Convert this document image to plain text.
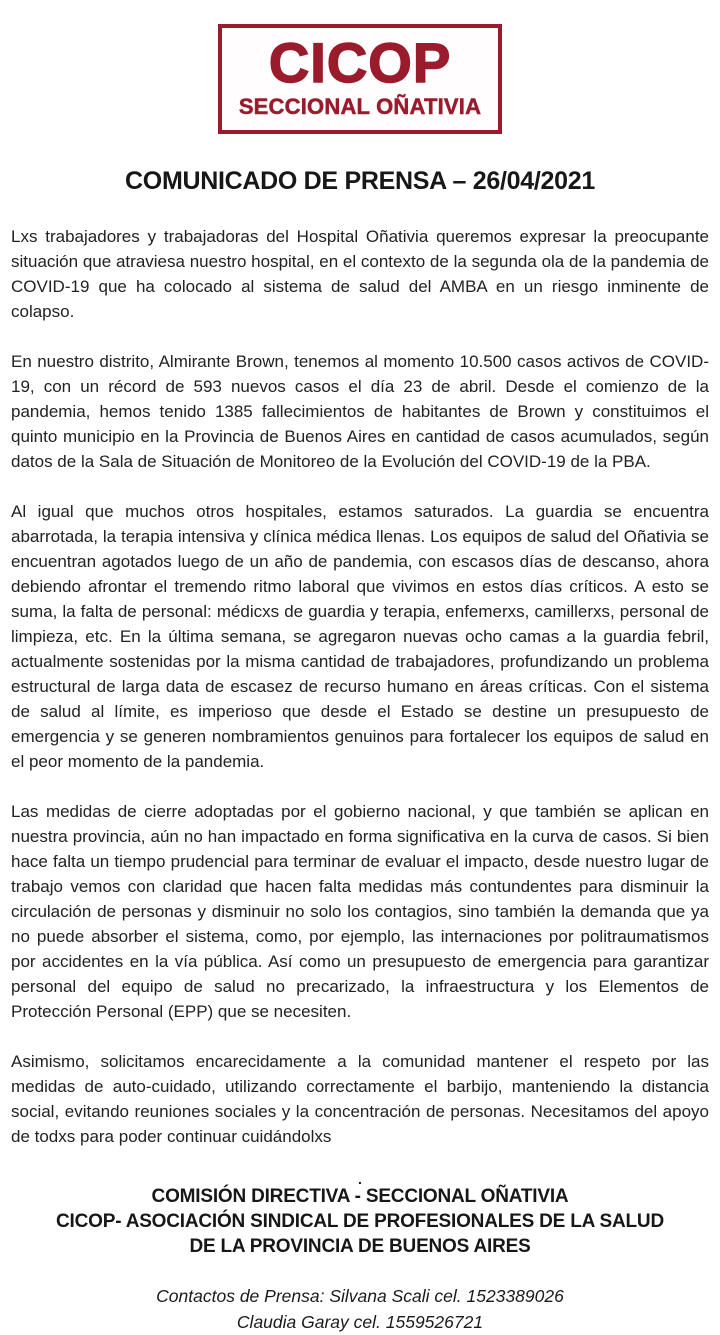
CICOP
SECCIONAL OÑATIVIA
COMUNICADO DE PRENSA – 26/04/2021

Lxs trabajadores y trabajadoras del Hospital Oñativia queremos expresar la preocupante situación que atraviesa nuestro hospital, en el contexto de la segunda ola de la pandemia de COVID-19 que ha colocado al sistema de salud del AMBA en un riesgo inminente de colapso.

En nuestro distrito, Almirante Brown, tenemos al momento 10.500 casos activos de COVID-19, con un récord de 593 nuevos casos el día 23 de abril. Desde el comienzo de la pandemia, hemos tenido 1385 fallecimientos de habitantes de Brown y constituimos el quinto municipio en la Provincia de Buenos Aires en cantidad de casos acumulados, según datos de la Sala de Situación de Monitoreo de la Evolución del COVID-19 de la PBA.

Al igual que muchos otros hospitales, estamos saturados. La guardia se encuentra abarrotada, la terapia intensiva y clínica médica llenas. Los equipos de salud del Oñativia se encuentran agotados luego de un año de pandemia, con escasos días de descanso, ahora debiendo afrontar el tremendo ritmo laboral que vivimos en estos días críticos. A esto se suma, la falta de personal: médicxs de guardia y terapia, enfemerxs, camillerxs, personal de limpieza, etc. En la última semana, se agregaron nuevas ocho camas a la guardia febril, actualmente sostenidas por la misma cantidad de trabajadores, profundizando un problema estructural de larga data de escasez de recurso humano en áreas críticas. Con el sistema de salud al límite, es imperioso que desde el Estado se destine un presupuesto de emergencia y se generen nombramientos genuinos para fortalecer los equipos de salud en el peor momento de la pandemia.

Las medidas de cierre adoptadas por el gobierno nacional, y que también se aplican en nuestra provincia, aún no han impactado en forma significativa en la curva de casos. Si bien hace falta un tiempo prudencial para terminar de evaluar el impacto, desde nuestro lugar de trabajo vemos con claridad que hacen falta medidas más contundentes para disminuir la circulación de personas y disminuir no solo los contagios, sino también la demanda que ya no puede absorber el sistema, como, por ejemplo, las internaciones por politraumatismos por accidentes en la vía pública. Así como un presupuesto de emergencia para garantizar personal del equipo de salud no precarizado, la infraestructura y los Elementos de Protección Personal (EPP) que se necesiten.

Asimismo, solicitamos encarecidamente a la comunidad mantener el respeto por las medidas de auto-cuidado, utilizando correctamente el barbijo, manteniendo la distancia social, evitando reuniones sociales y la concentración de personas. Necesitamos del apoyo de todxs para poder continuar cuidándolxs

.
COMISIÓN DIRECTIVA - SECCIONAL OÑATIVIA
CICOP- ASOCIACIÓN SINDICAL DE PROFESIONALES DE LA SALUD DE LA PROVINCIA DE BUENOS AIRES
Contactos de Prensa: Silvana Scali cel. 1523389026
Claudia Garay cel. 1559526721
